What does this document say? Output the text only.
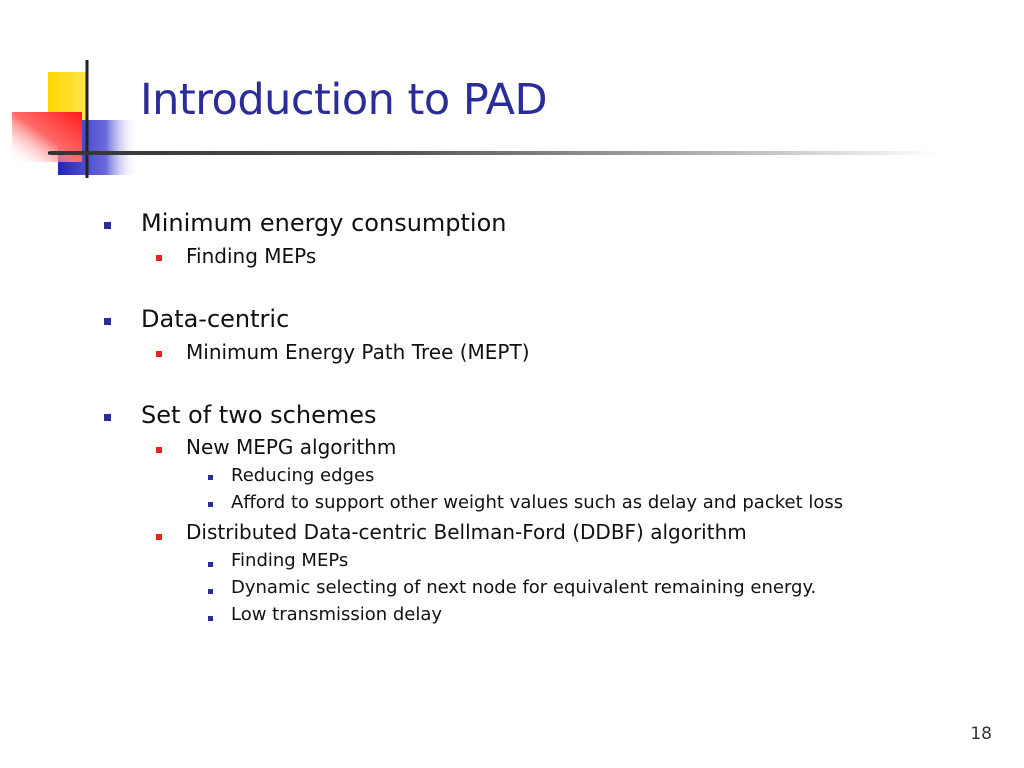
Introduction to PAD
Minimum energy consumption
Finding MEPs
Data-centric
Minimum Energy Path Tree (MEPT)
Set of two schemes
New MEPG algorithm
Reducing edges
Afford to support other weight values such as delay and packet loss
Distributed Data-centric Bellman-Ford (DDBF) algorithm
Finding MEPs
Dynamic selecting of next node for equivalent remaining energy.
Low transmission delay
18
